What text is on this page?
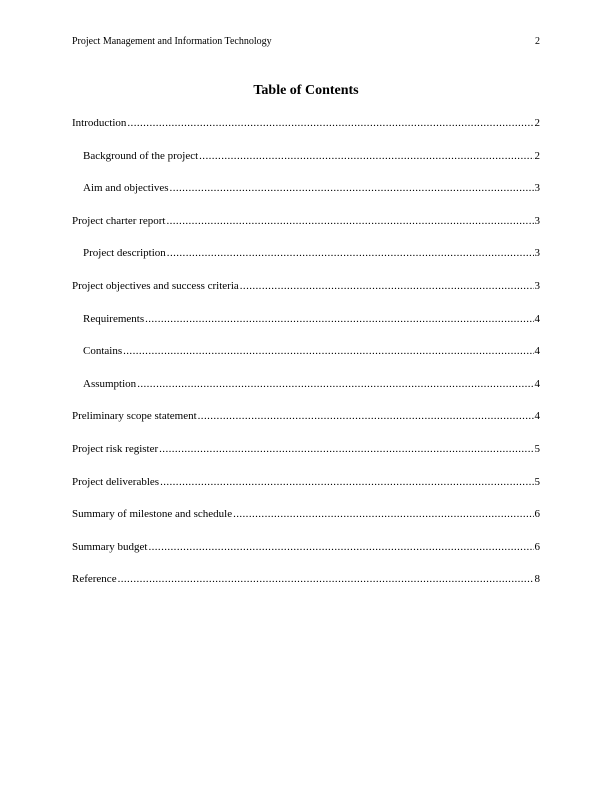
Project Management and Information Technology	2
Table of Contents
Introduction .....	2
Background of the project .....	2
Aim and objectives .....	3
Project charter report .....	3
Project description .....	3
Project objectives and success criteria .....	3
Requirements .....	4
Contains .....	4
Assumption .....	4
Preliminary scope statement .....	4
Project risk register .....	5
Project deliverables .....	5
Summary of milestone and schedule .....	6
Summary budget .....	6
Reference .....	8
